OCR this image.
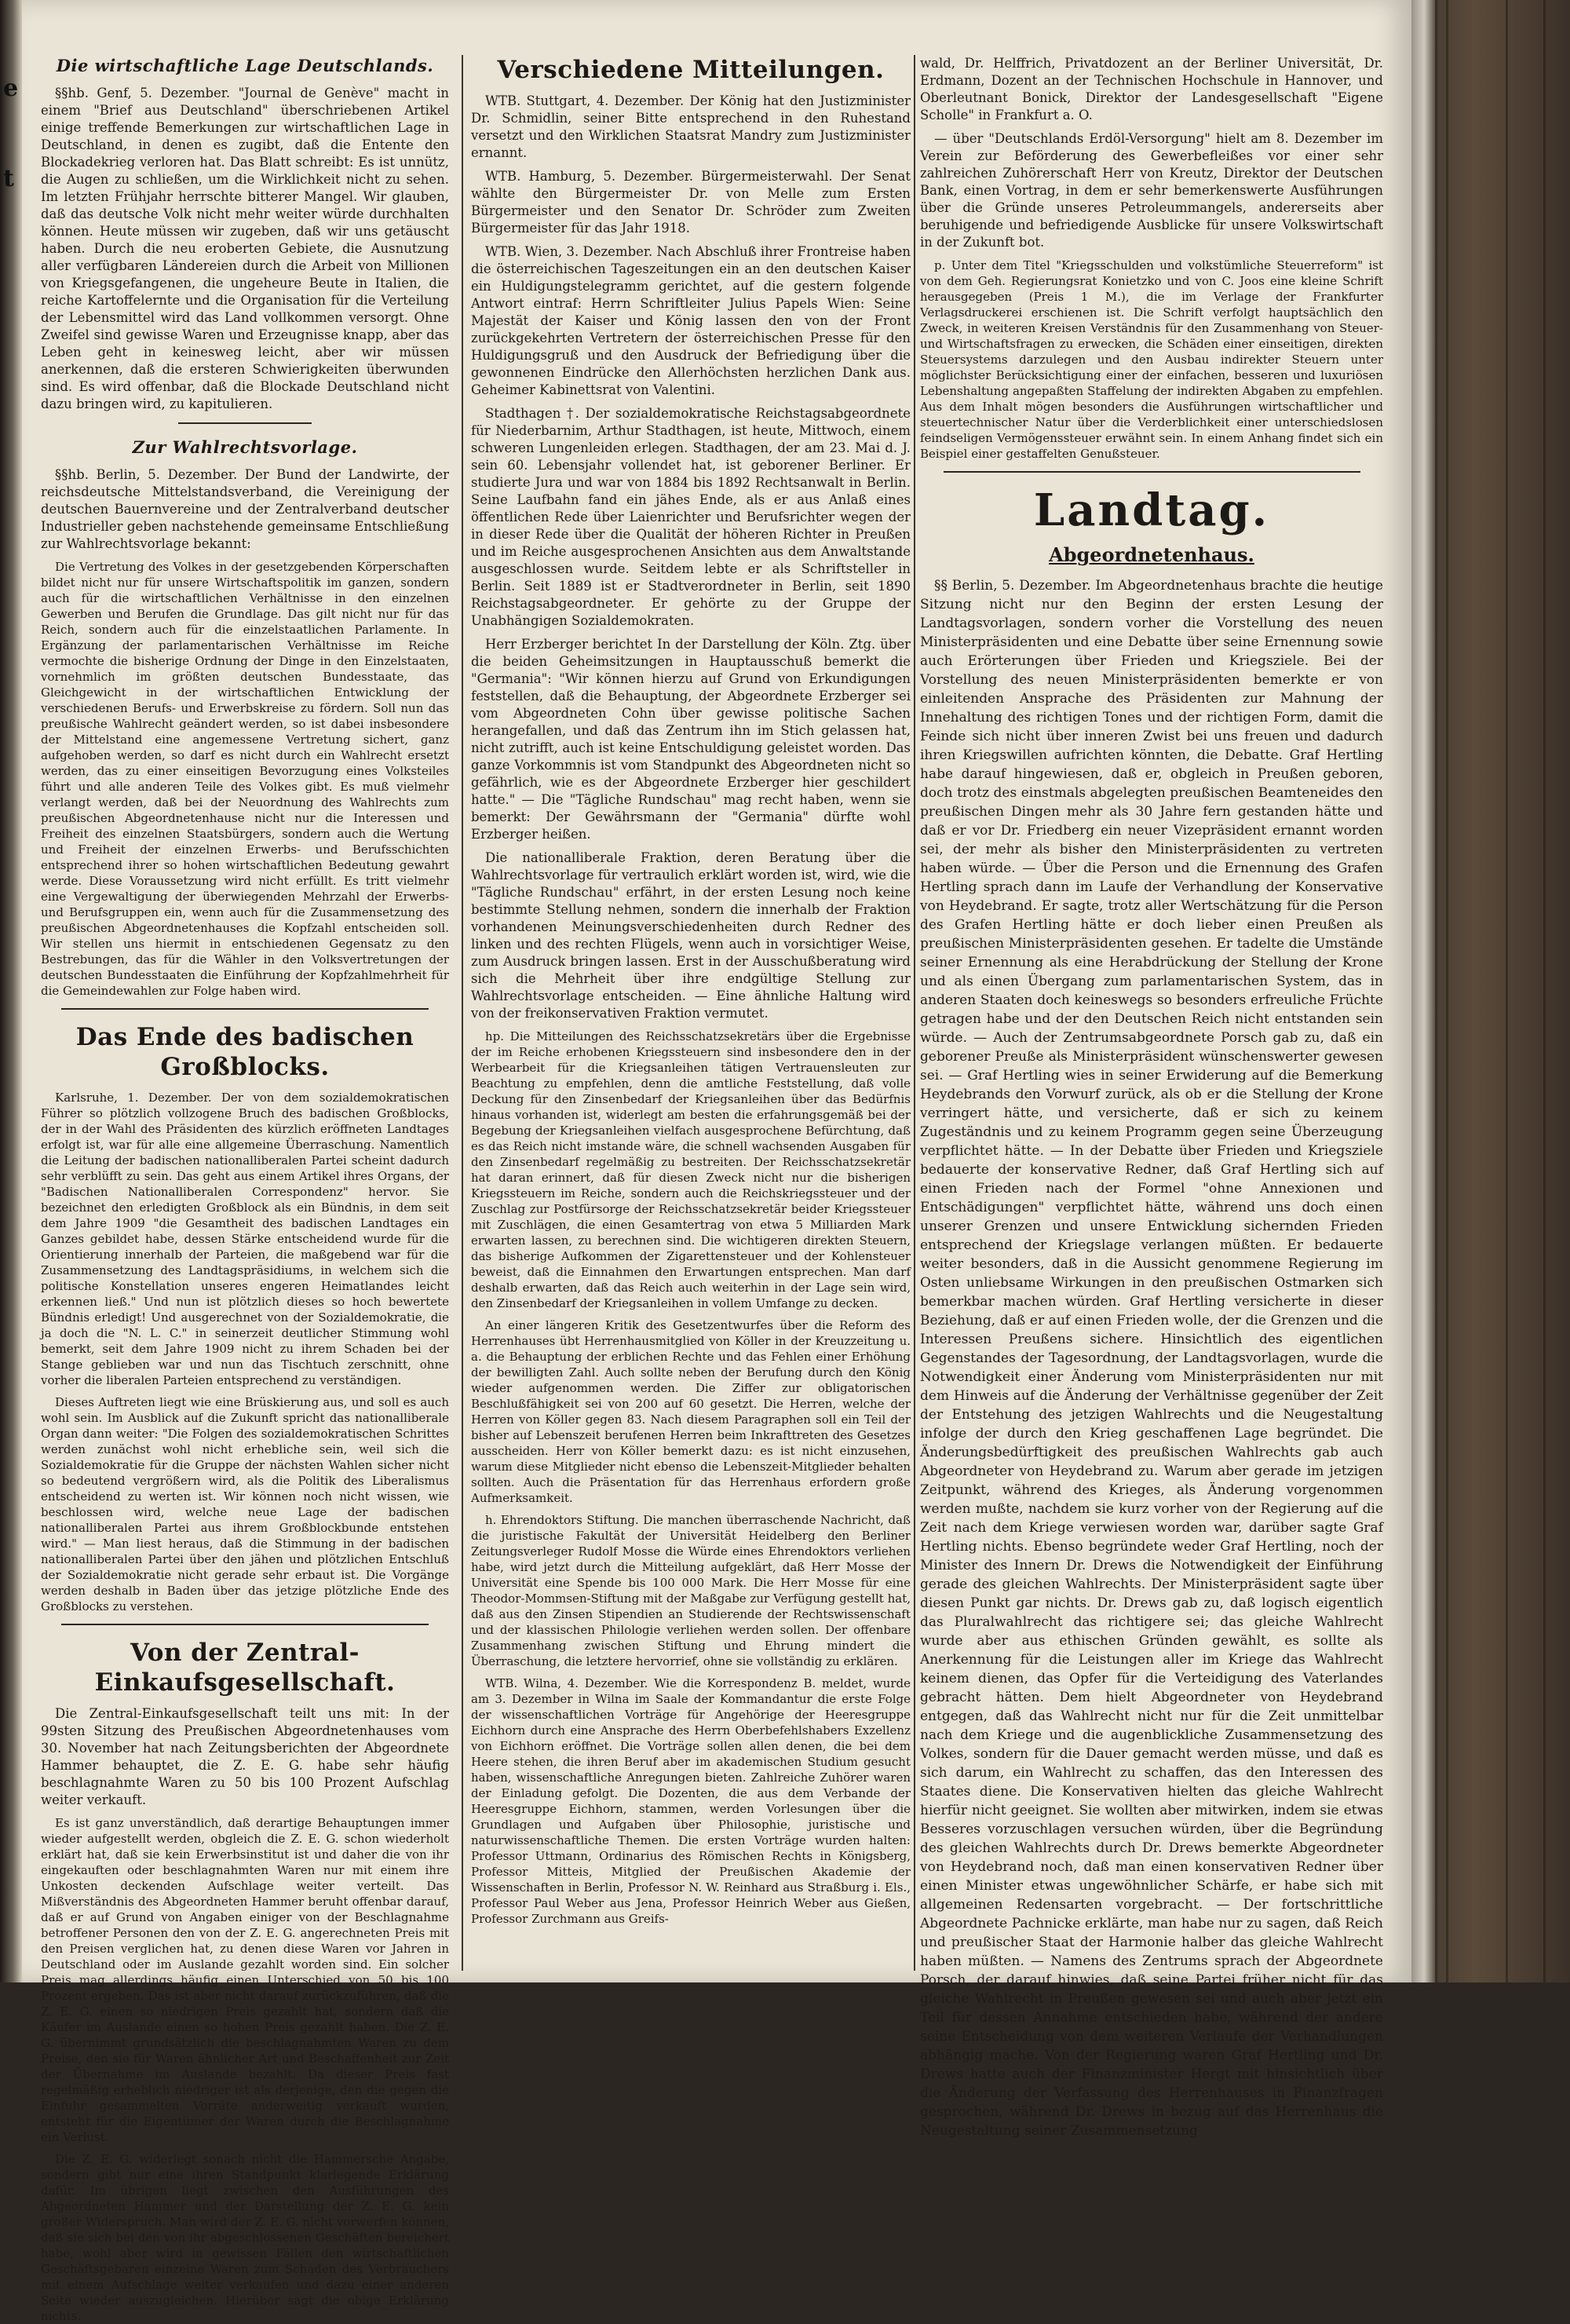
e
t
Die wirtschaftliche Lage Deutschlands.

§§hb. Genf, 5. Dezember. "Journal de Genève" macht in einem "Brief aus Deutschland" überschriebenen Artikel einige treffende Bemerkungen zur wirtschaftlichen Lage in Deutschland, in denen es zugibt, daß die Entente den Blockadekrieg verloren hat. Das Blatt schreibt: Es ist unnütz, die Augen zu schließen, um die Wirklichkeit nicht zu sehen. Im letzten Frühjahr herrschte bitterer Mangel. Wir glauben, daß das deutsche Volk nicht mehr weiter würde durchhalten können. Heute müssen wir zugeben, daß wir uns getäuscht haben. Durch die neu eroberten Gebiete, die Ausnutzung aller verfügbaren Ländereien durch die Arbeit von Millionen von Kriegsgefangenen, die ungeheure Beute in Italien, die reiche Kartoffelernte und die Organisation für die Verteilung der Lebensmittel wird das Land vollkommen versorgt. Ohne Zweifel sind gewisse Waren und Erzeugnisse knapp, aber das Leben geht in keinesweg leicht, aber wir müssen anerkennen, daß die ersteren Schwierigkeiten überwunden sind. Es wird offenbar, daß die Blockade Deutschland nicht dazu bringen wird, zu kapitulieren.

Zur Wahlrechtsvorlage.

§§hb. Berlin, 5. Dezember. Der Bund der Landwirte, der reichsdeutsche Mittelstandsverband, die Vereinigung der deutschen Bauernvereine und der Zentralverband deutscher Industrieller geben nachstehende gemeinsame Entschließung zur Wahlrechtsvorlage bekannt:

Die Vertretung des Volkes in der gesetzgebenden Körperschaften bildet nicht nur für unsere Wirtschaftspolitik im ganzen, sondern auch für die wirtschaftlichen Verhältnisse in den einzelnen Gewerben und Berufen die Grundlage. Das gilt nicht nur für das Reich, sondern auch für die einzelstaatlichen Parlamente. In Ergänzung der parlamentarischen Verhältnisse im Reiche vermochte die bisherige Ordnung der Dinge in den Einzelstaaten, vornehmlich im größten deutschen Bundesstaate, das Gleichgewicht in der wirtschaftlichen Entwicklung der verschiedenen Berufs- und Erwerbskreise zu fördern. Soll nun das preußische Wahlrecht geändert werden, so ist dabei insbesondere der Mittelstand eine angemessene Vertretung sichert, ganz aufgehoben werden, so darf es nicht durch ein Wahlrecht ersetzt werden, das zu einer einseitigen Bevorzugung eines Volksteiles führt und alle anderen Teile des Volkes gibt. Es muß vielmehr verlangt werden, daß bei der Neuordnung des Wahlrechts zum preußischen Abgeordnetenhause nicht nur die Interessen und Freiheit des einzelnen Staatsbürgers, sondern auch die Wertung und Freiheit der einzelnen Erwerbs- und Berufsschichten entsprechend ihrer so hohen wirtschaftlichen Bedeutung gewahrt werde. Diese Voraussetzung wird nicht erfüllt. Es tritt vielmehr eine Vergewaltigung der überwiegenden Mehrzahl der Erwerbs- und Berufsgruppen ein, wenn auch für die Zusammensetzung des preußischen Abgeordnetenhauses die Kopfzahl entscheiden soll. Wir stellen uns hiermit in entschiedenen Gegensatz zu den Bestrebungen, das für die Wähler in den Volksvertretungen der deutschen Bundesstaaten die Einführung der Kopfzahlmehrheit für die Gemeindewahlen zur Folge haben wird.

Das Ende des badischen Großblocks.

Karlsruhe, 1. Dezember. Der von dem sozialdemokratischen Führer so plötzlich vollzogene Bruch des badischen Großblocks, der in der Wahl des Präsidenten des kürzlich eröffneten Landtages erfolgt ist, war für alle eine allgemeine Überraschung. Namentlich die Leitung der badischen nationalliberalen Partei scheint dadurch sehr verblüfft zu sein. Das geht aus einem Artikel ihres Organs, der "Badischen Nationalliberalen Correspondenz" hervor. Sie bezeichnet den erledigten Großblock als ein Bündnis, in dem seit dem Jahre 1909 "die Gesamtheit des badischen Landtages ein Ganzes gebildet habe, dessen Stärke entscheidend wurde für die Orientierung innerhalb der Parteien, die maßgebend war für die Zusammensetzung des Landtagspräsidiums, in welchem sich die politische Konstellation unseres engeren Heimatlandes leicht erkennen ließ." Und nun ist plötzlich dieses so hoch bewertete Bündnis erledigt! Und ausgerechnet von der Sozialdemokratie, die ja doch die "N. L. C." in seinerzeit deutlicher Stimmung wohl bemerkt, seit dem Jahre 1909 nicht zu ihrem Schaden bei der Stange geblieben war und nun das Tischtuch zerschnitt, ohne vorher die liberalen Parteien entsprechend zu verständigen.

Dieses Auftreten liegt wie eine Brüskierung aus, und soll es auch wohl sein. Im Ausblick auf die Zukunft spricht das nationalliberale Organ dann weiter: "Die Folgen des sozialdemokratischen Schrittes werden zunächst wohl nicht erhebliche sein, weil sich die Sozialdemokratie für die Gruppe der nächsten Wahlen sicher nicht so bedeutend vergrößern wird, als die Politik des Liberalismus entscheidend zu werten ist. Wir können noch nicht wissen, wie beschlossen wird, welche neue Lage der badischen nationalliberalen Partei aus ihrem Großblockbunde entstehen wird." — Man liest heraus, daß die Stimmung in der badischen nationalliberalen Partei über den jähen und plötzlichen Entschluß der Sozialdemokratie nicht gerade sehr erbaut ist. Die Vorgänge werden deshalb in Baden über das jetzige plötzliche Ende des Großblocks zu verstehen.

Von der Zentral-Einkaufsgesellschaft.

Die Zentral-Einkaufsgesellschaft teilt uns mit: In der 99sten Sitzung des Preußischen Abgeordnetenhauses vom 30. November hat nach Zeitungsberichten der Abgeordnete Hammer behauptet, die Z. E. G. habe sehr häufig beschlagnahmte Waren zu 50 bis 100 Prozent Aufschlag weiter verkauft.

Es ist ganz unverständlich, daß derartige Behauptungen immer wieder aufgestellt werden, obgleich die Z. E. G. schon wiederholt erklärt hat, daß sie kein Erwerbsinstitut ist und daher die von ihr eingekauften oder beschlagnahmten Waren nur mit einem ihre Unkosten deckenden Aufschlage weiter verteilt. Das Mißverständnis des Abgeordneten Hammer beruht offenbar darauf, daß er auf Grund von Angaben einiger von der Beschlagnahme betroffener Personen den von der Z. E. G. angerechneten Preis mit den Preisen verglichen hat, zu denen diese Waren vor Jahren in Deutschland oder im Auslande gezahlt worden sind. Ein solcher Preis mag allerdings häufig einen Unterschied von 50 bis 100 Prozent ergeben. Das ist aber nicht darauf zurückzuführen, daß die Z. E. G. einen so niedrigen Preis gezahlt hat, sondern daß die Käufer im Auslande einen so hohen Preis gezahlt haben. Die Z. E. G. übernimmt grundsätzlich die beschlagnahmten Waren zu dem Preise, den sie für Waren ähnlicher Art und Beschaffenheit zur Zeit der Übernahme im Auslande bezahlt. Da dieser Preis fast regelmäßig erheblich niedriger ist als derjenige, den die gegen die Einfuhr gesammelten Vorräte anderweitig verkauft wurden, entsteht für die Eigentümer der Waren durch die Beschlagnahme ein Verlust.

Die Z. E. G. widerlegt sonach nicht die Hammersche Angabe, sondern gibt nur eine ihren Standpunkt klarlegende Erklärung dafür. Im übrigen liegt zwischen den Ausführungen des Abgeordneten Hammer und der Darstellung der Z. E. G. kein großer Widerspruch. Man wird der Z. E. G. nicht vorwerfen können, daß sie sich bei den von ihr abgeschlossenen Geschäften bereichert habe, wohl aber wird in gewissen Fällen den wirtschaftlichen Geschäftsgebaren einzelne Waren zum Schaden des Verbrauchers mit einem Aufschlage weiter verkaufen und dazu einer anderen Seite wieder auszugleichen. Hierüber sagt die obige Erklärung nichts.

Verschiedene Mitteilungen.

WTB. Stuttgart, 4. Dezember. Der König hat den Justizminister Dr. Schmidlin, seiner Bitte entsprechend in den Ruhestand versetzt und den Wirklichen Staatsrat Mandry zum Justizminister ernannt.

WTB. Hamburg, 5. Dezember. Bürgermeisterwahl. Der Senat wählte den Bürgermeister Dr. von Melle zum Ersten Bürgermeister und den Senator Dr. Schröder zum Zweiten Bürgermeister für das Jahr 1918.

WTB. Wien, 3. Dezember. Nach Abschluß ihrer Frontreise haben die österreichischen Tageszeitungen ein an den deutschen Kaiser ein Huldigungstelegramm gerichtet, auf die gestern folgende Antwort eintraf: Herrn Schriftleiter Julius Papels Wien: Seine Majestät der Kaiser und König lassen den von der Front zurückgekehrten Vertretern der österreichischen Presse für den Huldigungsgruß und den Ausdruck der Befriedigung über die gewonnenen Eindrücke den Allerhöchsten herzlichen Dank aus. Geheimer Kabinettsrat von Valentini.

Stadthagen †. Der sozialdemokratische Reichstagsabgeordnete für Niederbarnim, Arthur Stadthagen, ist heute, Mittwoch, einem schweren Lungenleiden erlegen. Stadthagen, der am 23. Mai d. J. sein 60. Lebensjahr vollendet hat, ist geborener Berliner. Er studierte Jura und war von 1884 bis 1892 Rechtsanwalt in Berlin. Seine Laufbahn fand ein jähes Ende, als er aus Anlaß eines öffentlichen Rede über Laienrichter und Berufsrichter wegen der in dieser Rede über die Qualität der höheren Richter in Preußen und im Reiche ausgesprochenen Ansichten aus dem Anwaltstande ausgeschlossen wurde. Seitdem lebte er als Schriftsteller in Berlin. Seit 1889 ist er Stadtverordneter in Berlin, seit 1890 Reichstagsabgeordneter. Er gehörte zu der Gruppe der Unabhängigen Sozialdemokraten.

Herr Erzberger berichtet In der Darstellung der Köln. Ztg. über die beiden Geheimsitzungen in Hauptausschuß bemerkt die "Germania": "Wir können hierzu auf Grund von Erkundigungen feststellen, daß die Behauptung, der Abgeordnete Erzberger sei vom Abgeordneten Cohn über gewisse politische Sachen herangefallen, und daß das Zentrum ihn im Stich gelassen hat, nicht zutrifft, auch ist keine Entschuldigung geleistet worden. Das ganze Vorkommnis ist vom Standpunkt des Abgeordneten nicht so gefährlich, wie es der Abgeordnete Erzberger hier geschildert hatte." — Die "Tägliche Rundschau" mag recht haben, wenn sie bemerkt: Der Gewährsmann der "Germania" dürfte wohl Erzberger heißen.

Die nationalliberale Fraktion, deren Beratung über die Wahlrechtsvorlage für vertraulich erklärt worden ist, wird, wie die "Tägliche Rundschau" erfährt, in der ersten Lesung noch keine bestimmte Stellung nehmen, sondern die innerhalb der Fraktion vorhandenen Meinungsverschiedenheiten durch Redner des linken und des rechten Flügels, wenn auch in vorsichtiger Weise, zum Ausdruck bringen lassen. Erst in der Ausschußberatung wird sich die Mehrheit über ihre endgültige Stellung zur Wahlrechtsvorlage entscheiden. — Eine ähnliche Haltung wird von der freikonservativen Fraktion vermutet.

hp. Die Mitteilungen des Reichsschatzsekretärs über die Ergebnisse der im Reiche erhobenen Kriegssteuern sind insbesondere den in der Werbearbeit für die Kriegsanleihen tätigen Vertrauensleuten zur Beachtung zu empfehlen, denn die amtliche Feststellung, daß volle Deckung für den Zinsenbedarf der Kriegsanleihen über das Bedürfnis hinaus vorhanden ist, widerlegt am besten die erfahrungsgemäß bei der Begebung der Kriegsanleihen vielfach ausgesprochene Befürchtung, daß es das Reich nicht imstande wäre, die schnell wachsenden Ausgaben für den Zinsenbedarf regelmäßig zu bestreiten. Der Reichsschatzsekretär hat daran erinnert, daß für diesen Zweck nicht nur die bisherigen Kriegssteuern im Reiche, sondern auch die Reichskriegssteuer und der Zuschlag zur Postfürsorge der Reichsschatzsekretär beider Kriegssteuer mit Zuschlägen, die einen Gesamtertrag von etwa 5 Milliarden Mark erwarten lassen, zu berechnen sind. Die wichtigeren direkten Steuern, das bisherige Aufkommen der Zigarettensteuer und der Kohlensteuer beweist, daß die Einnahmen den Erwartungen entsprechen. Man darf deshalb erwarten, daß das Reich auch weiterhin in der Lage sein wird, den Zinsenbedarf der Kriegsanleihen in vollem Umfange zu decken.

An einer längeren Kritik des Gesetzentwurfes über die Reform des Herrenhauses übt Herrenhausmitglied von Köller in der Kreuzzeitung u. a. die Behauptung der erblichen Rechte und das Fehlen einer Erhöhung der bewilligten Zahl. Auch sollte neben der Berufung durch den König wieder aufgenommen werden. Die Ziffer zur obligatorischen Beschlußfähigkeit sei von 200 auf 60 gesetzt. Die Herren, welche der Herren von Köller gegen 83. Nach diesem Paragraphen soll ein Teil der bisher auf Lebenszeit berufenen Herren beim Inkrafttreten des Gesetzes ausscheiden. Herr von Köller bemerkt dazu: es ist nicht einzusehen, warum diese Mitglieder nicht ebenso die Lebenszeit-Mitglieder behalten sollten. Auch die Präsentation für das Herrenhaus erfordern große Aufmerksamkeit.

h. Ehrendoktors Stiftung. Die manchen überraschende Nachricht, daß die juristische Fakultät der Universität Heidelberg den Berliner Zeitungsverleger Rudolf Mosse die Würde eines Ehrendoktors verliehen habe, wird jetzt durch die Mitteilung aufgeklärt, daß Herr Mosse der Universität eine Spende bis 100 000 Mark. Die Herr Mosse für eine Theodor-Mommsen-Stiftung mit der Maßgabe zur Verfügung gestellt hat, daß aus den Zinsen Stipendien an Studierende der Rechtswissenschaft und der klassischen Philologie verliehen werden sollen. Der offenbare Zusammenhang zwischen Stiftung und Ehrung mindert die Überraschung, die letztere hervorrief, ohne sie vollständig zu erklären.

WTB. Wilna, 4. Dezember. Wie die Korrespondenz B. meldet, wurde am 3. Dezember in Wilna im Saale der Kommandantur die erste Folge der wissenschaftlichen Vorträge für Angehörige der Heeresgruppe Eichhorn durch eine Ansprache des Herrn Oberbefehlshabers Exzellenz von Eichhorn eröffnet. Die Vorträge sollen allen denen, die bei dem Heere stehen, die ihren Beruf aber im akademischen Studium gesucht haben, wissenschaftliche Anregungen bieten. Zahlreiche Zuhörer waren der Einladung gefolgt. Die Dozenten, die aus dem Verbande der Heeresgruppe Eichhorn, stammen, werden Vorlesungen über die Grundlagen und Aufgaben über Philosophie, juristische und naturwissenschaftliche Themen. Die ersten Vorträge wurden halten: Professor Uttmann, Ordinarius des Römischen Rechts in Königsberg, Professor Mitteis, Mitglied der Preußischen Akademie der Wissenschaften in Berlin, Professor N. W. Reinhard aus Straßburg i. Els., Professor Paul Weber aus Jena, Professor Heinrich Weber aus Gießen, Professor Zurchmann aus Greifs-

wald, Dr. Helffrich, Privatdozent an der Berliner Universität, Dr. Erdmann, Dozent an der Technischen Hochschule in Hannover, und Oberleutnant Bonick, Direktor der Landesgesellschaft "Eigene Scholle" in Frankfurt a. O.

— über "Deutschlands Erdöl-Versorgung" hielt am 8. Dezember im Verein zur Beförderung des Gewerbefleißes vor einer sehr zahlreichen Zuhörerschaft Herr von Kreutz, Direktor der Deutschen Bank, einen Vortrag, in dem er sehr bemerkenswerte Ausführungen über die Gründe unseres Petroleummangels, andererseits aber beruhigende und befriedigende Ausblicke für unsere Volkswirtschaft in der Zukunft bot.

p. Unter dem Titel "Kriegsschulden und volkstümliche Steuerreform" ist von dem Geh. Regierungsrat Konietzko und von C. Joos eine kleine Schrift herausgegeben (Preis 1 M.), die im Verlage der Frankfurter Verlagsdruckerei erschienen ist. Die Schrift verfolgt hauptsächlich den Zweck, in weiteren Kreisen Verständnis für den Zusammenhang von Steuer- und Wirtschaftsfragen zu erwecken, die Schäden einer einseitigen, direkten Steuersystems darzulegen und den Ausbau indirekter Steuern unter möglichster Berücksichtigung einer der einfachen, besseren und luxuriösen Lebenshaltung angepaßten Staffelung der indirekten Abgaben zu empfehlen. Aus dem Inhalt mögen besonders die Ausführungen wirtschaftlicher und steuertechnischer Natur über die Verderblichkeit einer unterschiedslosen feindseligen Vermögenssteuer erwähnt sein. In einem Anhang findet sich ein Beispiel einer gestaffelten Genußsteuer.

Landtag.
Abgeordnetenhaus.

§§ Berlin, 5. Dezember. Im Abgeordnetenhaus brachte die heutige Sitzung nicht nur den Beginn der ersten Lesung der Landtagsvorlagen, sondern vorher die Vorstellung des neuen Ministerpräsidenten und eine Debatte über seine Ernennung sowie auch Erörterungen über Frieden und Kriegsziele. Bei der Vorstellung des neuen Ministerpräsidenten bemerkte er von einleitenden Ansprache des Präsidenten zur Mahnung der Innehaltung des richtigen Tones und der richtigen Form, damit die Feinde sich nicht über inneren Zwist bei uns freuen und dadurch ihren Kriegswillen aufrichten könnten, die Debatte. Graf Hertling habe darauf hingewiesen, daß er, obgleich in Preußen geboren, doch trotz des einstmals abgelegten preußischen Beamteneides den preußischen Dingen mehr als 30 Jahre fern gestanden hätte und daß er vor Dr. Friedberg ein neuer Vizepräsident ernannt worden sei, der mehr als bisher den Ministerpräsidenten zu vertreten haben würde. — Über die Person und die Ernennung des Grafen Hertling sprach dann im Laufe der Verhandlung der Konservative von Heydebrand. Er sagte, trotz aller Wertschätzung für die Person des Grafen Hertling hätte er doch lieber einen Preußen als preußischen Ministerpräsidenten gesehen. Er tadelte die Umstände seiner Ernennung als eine Herabdrückung der Stellung der Krone und als einen Übergang zum parlamentarischen System, das in anderen Staaten doch keineswegs so besonders erfreuliche Früchte getragen habe und der den Deutschen Reich nicht entstanden sein würde. — Auch der Zentrumsabgeordnete Porsch gab zu, daß ein geborener Preuße als Ministerpräsident wünschenswerter gewesen sei. — Graf Hertling wies in seiner Erwiderung auf die Bemerkung Heydebrands den Vorwurf zurück, als ob er die Stellung der Krone verringert hätte, und versicherte, daß er sich zu keinem Zugeständnis und zu keinem Programm gegen seine Überzeugung verpflichtet hätte. — In der Debatte über Frieden und Kriegsziele bedauerte der konservative Redner, daß Graf Hertling sich auf einen Frieden nach der Formel "ohne Annexionen und Entschädigungen" verpflichtet hätte, während uns doch einen unserer Grenzen und unsere Entwicklung sichernden Frieden entsprechend der Kriegslage verlangen müßten. Er bedauerte weiter besonders, daß in die Aussicht genommene Regierung im Osten unliebsame Wirkungen in den preußischen Ostmarken sich bemerkbar machen würden. Graf Hertling versicherte in dieser Beziehung, daß er auf einen Frieden wolle, der die Grenzen und die Interessen Preußens sichere. Hinsichtlich des eigentlichen Gegenstandes der Tagesordnung, der Landtagsvorlagen, wurde die Notwendigkeit einer Änderung vom Ministerpräsidenten nur mit dem Hinweis auf die Änderung der Verhältnisse gegenüber der Zeit der Entstehung des jetzigen Wahlrechts und die Neugestaltung infolge der durch den Krieg geschaffenen Lage begründet. Die Änderungsbedürftigkeit des preußischen Wahlrechts gab auch Abgeordneter von Heydebrand zu. Warum aber gerade im jetzigen Zeitpunkt, während des Krieges, als Änderung vorgenommen werden mußte, nachdem sie kurz vorher von der Regierung auf die Zeit nach dem Kriege verwiesen worden war, darüber sagte Graf Hertling nichts. Ebenso begründete weder Graf Hertling, noch der Minister des Innern Dr. Drews die Notwendigkeit der Einführung gerade des gleichen Wahlrechts. Der Ministerpräsident sagte über diesen Punkt gar nichts. Dr. Drews gab zu, daß logisch eigentlich das Pluralwahlrecht das richtigere sei; das gleiche Wahlrecht wurde aber aus ethischen Gründen gewählt, es sollte als Anerkennung für die Leistungen aller im Kriege das Wahlrecht keinem dienen, das Opfer für die Verteidigung des Vaterlandes gebracht hätten. Dem hielt Abgeordneter von Heydebrand entgegen, daß das Wahlrecht nicht nur für die Zeit unmittelbar nach dem Kriege und die augenblickliche Zusammensetzung des Volkes, sondern für die Dauer gemacht werden müsse, und daß es sich darum, ein Wahlrecht zu schaffen, das den Interessen des Staates diene. Die Konservativen hielten das gleiche Wahlrecht hierfür nicht geeignet. Sie wollten aber mitwirken, indem sie etwas Besseres vorzuschlagen versuchen würden, über die Begründung des gleichen Wahlrechts durch Dr. Drews bemerkte Abgeordneter von Heydebrand noch, daß man einen konservativen Redner über einen Minister etwas ungewöhnlicher Schärfe, er habe sich mit allgemeinen Redensarten vorgebracht. — Der fortschrittliche Abgeordnete Pachnicke erklärte, man habe nur zu sagen, daß Reich und preußischer Staat der Harmonie halber das gleiche Wahlrecht haben müßten. — Namens des Zentrums sprach der Abgeordnete Porsch, der darauf hinwies, daß seine Partei früher nicht für das gleiche Wahlrecht in Preußen gewesen sei und auch aber jetzt ein Teil für dessen Annahme entschieden habe, während der andere seine Entscheidung von dem weiteren Verlaufe der Verhandlungen abhängig mache. Von der Regierung waren Graf Hertling und Dr. Drews hatte auch der Finanzminister Hergt mit hinsichtlich über die Änderung der Verfassung des Herrenhauses in Finanzfragen gesprochen, während Dr. Drews in bezug auf das Herrenhaus die Neugestaltung seiner Zusammensetzung
